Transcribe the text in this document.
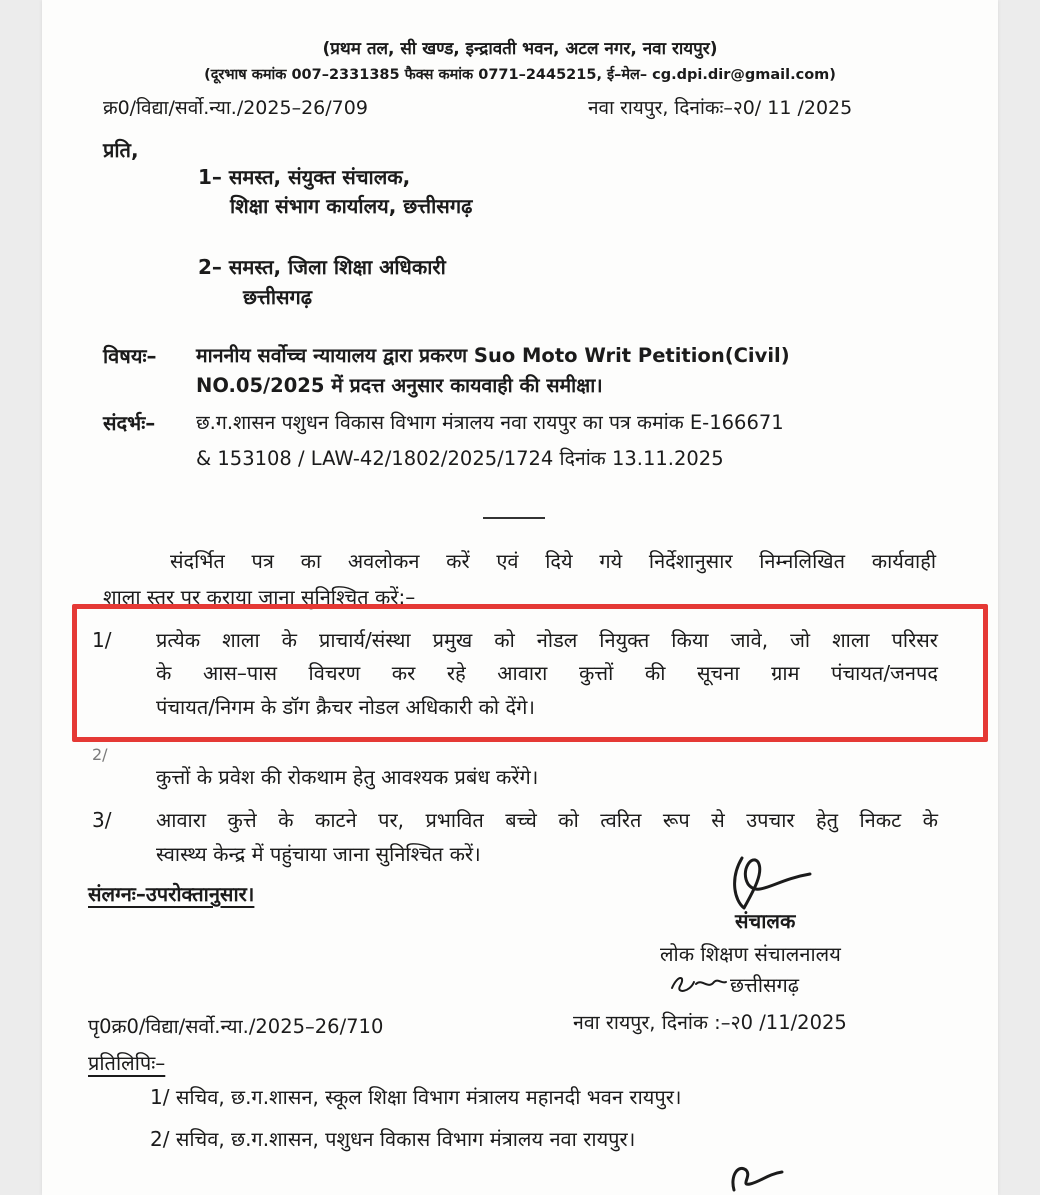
(प्रथम तल, सी खण्ड, इन्द्रावती भवन, अटल नगर, नवा रायपुर)
(दूरभाष कमांक 007–2331385 फैक्स कमांक 0771–2445215, ई–मेल– cg.dpi.dir@gmail.com)
क्र0/विद्या/सर्वो.न्या./2025–26/709	नवा रायपुर, दिनांकः–२0/ 11 /2025
प्रति,
1– समस्त, संयुक्त संचालक,
शिक्षा संभाग कार्यालय, छत्तीसगढ़
2– समस्त, जिला शिक्षा अधिकारी
छत्तीसगढ़
विषयः– माननीय सर्वोच्च न्यायालय द्वारा प्रकरण Suo Moto Writ Petition(Civil)
NO.05/2025 में प्रदत्त अनुसार कायवाही की समीक्षा।
संदर्भः– छ.ग.शासन पशुधन विकास विभाग मंत्रालय नवा रायपुर का पत्र कमांक E-166671
& 153108 / LAW-42/1802/2025/1724 दिनांक 13.11.2025
संदर्भित पत्र का अवलोकन करें एवं दिये गये निर्देशानुसार निम्नलिखित कार्यवाही
शाला स्तर पर कराया जाना सुनिश्चित करें:–
1/ प्रत्येक शाला के प्राचार्य/संस्था प्रमुख को नोडल नियुक्त किया जावे, जो शाला परिसर
के आस–पास विचरण कर रहे आवारा कुत्तों की सूचना ग्राम पंचायत/जनपद
पंचायत/निगम के डॉग क्रैचर नोडल अधिकारी को देंगे।
2/
कुत्तों के प्रवेश की रोकथाम हेतु आवश्यक प्रबंध करेंगे।
3/ आवारा कुत्ते के काटने पर, प्रभावित बच्चे को त्वरित रूप से उपचार हेतु निकट के
स्वास्थ्य केन्द्र में पहुंचाया जाना सुनिश्चित करें।
संलग्नः–उपरोक्तानुसार।
संचालक
लोक शिक्षण संचालनालय
छत्तीसगढ़
पृ0क्र0/विद्या/सर्वो.न्या./2025–26/710	नवा रायपुर, दिनांक :–२0 /11/2025
प्रतिलिपिः–
1/ सचिव, छ.ग.शासन, स्कूल शिक्षा विभाग मंत्रालय महानदी भवन रायपुर।
2/ सचिव, छ.ग.शासन, पशुधन विकास विभाग मंत्रालय नवा रायपुर।
